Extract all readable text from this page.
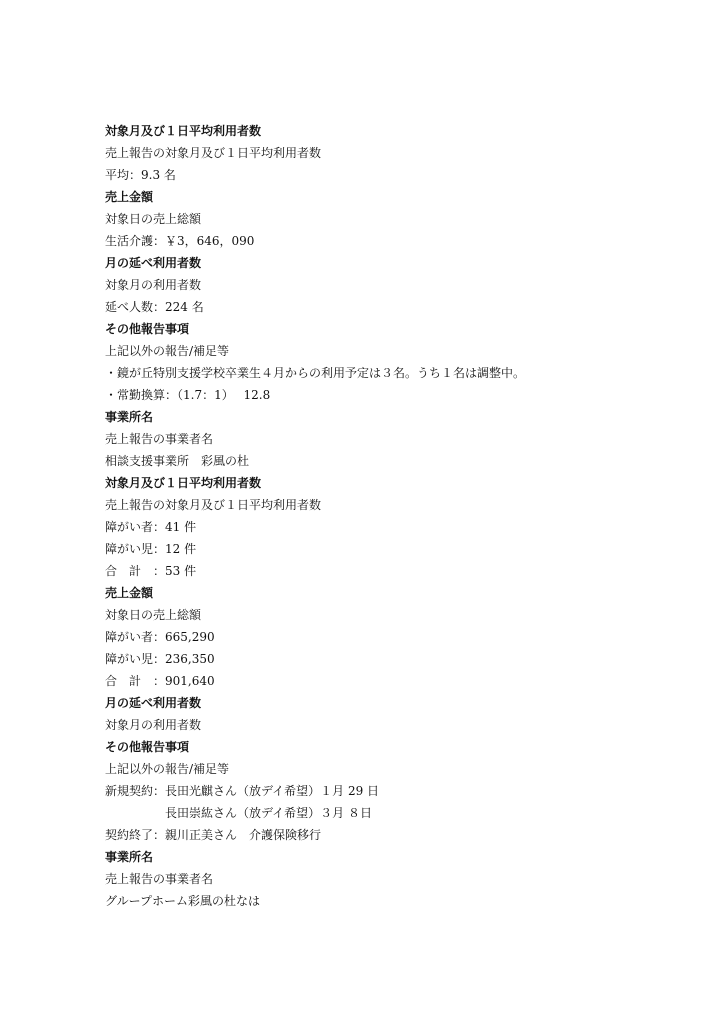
対象月及び１日平均利用者数
売上報告の対象月及び１日平均利用者数
平均：9.3 名
売上金額
対象日の売上総額
生活介護：￥3，646，090
月の延べ利用者数
対象月の利用者数
延べ人数：224 名
その他報告事項
上記以外の報告/補足等
・鏡が丘特別支援学校卒業生４月からの利用予定は３名。うち１名は調整中。
・常勤換算：（1.7：1）　 12.8
事業所名
売上報告の事業者名
相談支援事業所　彩風の杜
対象月及び１日平均利用者数
売上報告の対象月及び１日平均利用者数
障がい者：41 件
障がい児：12 件
合　計　：53 件
売上金額
対象日の売上総額
障がい者：665,290
障がい児：236,350
合　計　：901,640
月の延べ利用者数
対象月の利用者数
その他報告事項
上記以外の報告/補足等
新規契約：長田光麒さん（放デイ希望）１月 29 日
長田崇紘さん（放デイ希望）３月 ８日
契約終了：親川正美さん　介護保険移行
事業所名
売上報告の事業者名
グループホーム彩風の杜なは
